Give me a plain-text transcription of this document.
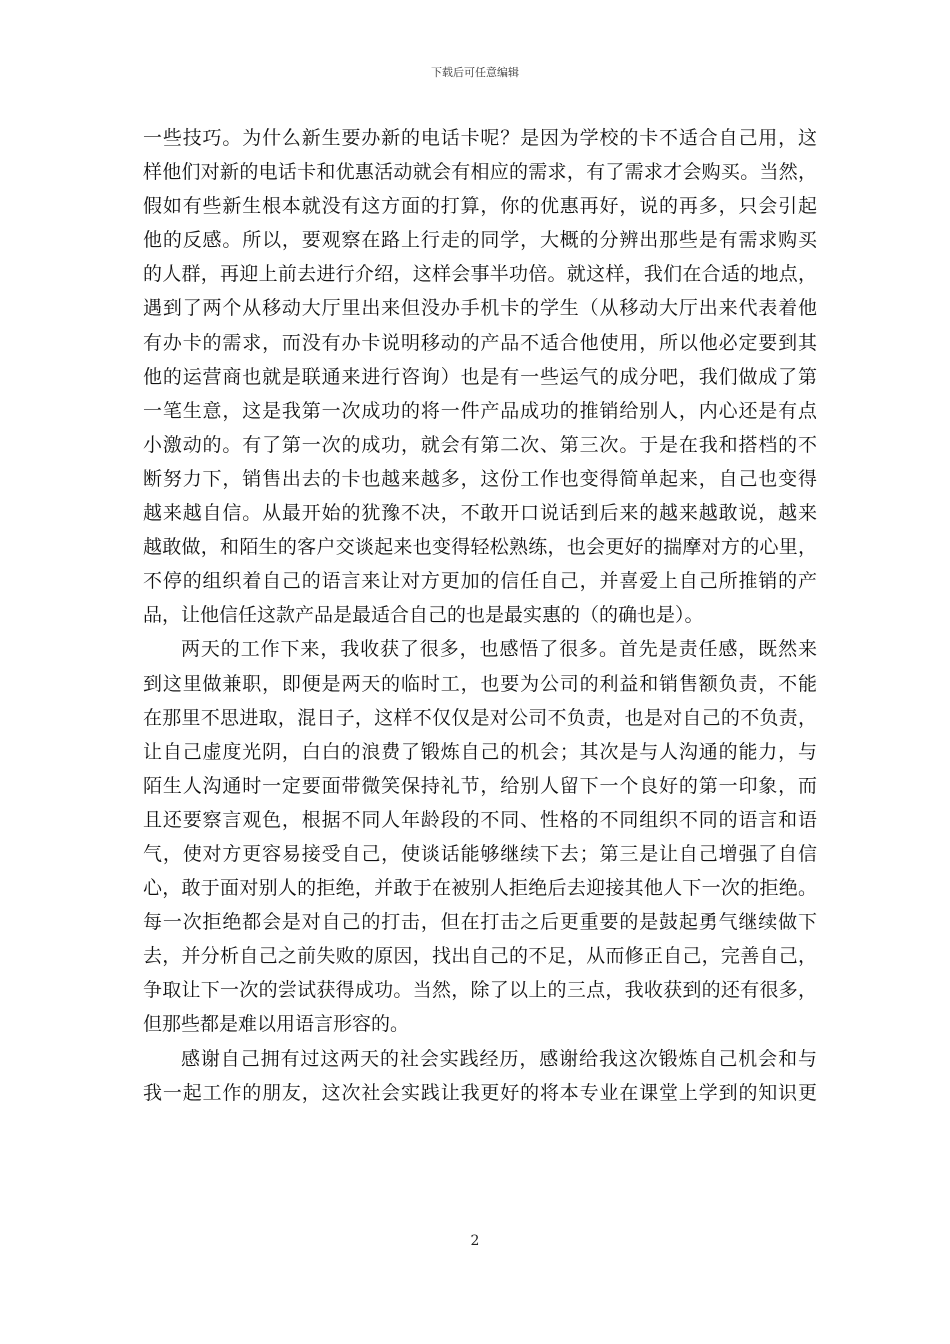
下载后可任意编辑
一些技巧。为什么新生要办新的电话卡呢？是因为学校的卡不适合自己用，这
样他们对新的电话卡和优惠活动就会有相应的需求，有了需求才会购买。当然，
假如有些新生根本就没有这方面的打算，你的优惠再好，说的再多，只会引起
他的反感。所以，要观察在路上行走的同学，大概的分辨出那些是有需求购买
的人群，再迎上前去进行介绍，这样会事半功倍。就这样，我们在合适的地点，
遇到了两个从移动大厅里出来但没办手机卡的学生（从移动大厅出来代表着他
有办卡的需求，而没有办卡说明移动的产品不适合他使用，所以他必定要到其
他的运营商也就是联通来进行咨询）也是有一些运气的成分吧，我们做成了第
一笔生意，这是我第一次成功的将一件产品成功的推销给别人，内心还是有点
小激动的。有了第一次的成功，就会有第二次、第三次。于是在我和搭档的不
断努力下，销售出去的卡也越来越多，这份工作也变得简单起来，自己也变得
越来越自信。从最开始的犹豫不决，不敢开口说话到后来的越来越敢说，越来
越敢做，和陌生的客户交谈起来也变得轻松熟练，也会更好的揣摩对方的心里，
不停的组织着自己的语言来让对方更加的信任自己，并喜爱上自己所推销的产
品，让他信任这款产品是最适合自己的也是最实惠的（的确也是）。
两天的工作下来，我收获了很多，也感悟了很多。首先是责任感，既然来
到这里做兼职，即便是两天的临时工，也要为公司的利益和销售额负责，不能
在那里不思进取，混日子，这样不仅仅是对公司不负责，也是对自己的不负责，
让自己虚度光阴，白白的浪费了锻炼自己的机会；其次是与人沟通的能力，与
陌生人沟通时一定要面带微笑保持礼节，给别人留下一个良好的第一印象，而
且还要察言观色，根据不同人年龄段的不同、性格的不同组织不同的语言和语
气，使对方更容易接受自己，使谈话能够继续下去；第三是让自己增强了自信
心，敢于面对别人的拒绝，并敢于在被别人拒绝后去迎接其他人下一次的拒绝。
每一次拒绝都会是对自己的打击，但在打击之后更重要的是鼓起勇气继续做下
去，并分析自己之前失败的原因，找出自己的不足，从而修正自己，完善自己，
争取让下一次的尝试获得成功。当然，除了以上的三点，我收获到的还有很多，
但那些都是难以用语言形容的。
感谢自己拥有过这两天的社会实践经历，感谢给我这次锻炼自己机会和与
我一起工作的朋友，这次社会实践让我更好的将本专业在课堂上学到的知识更
2
